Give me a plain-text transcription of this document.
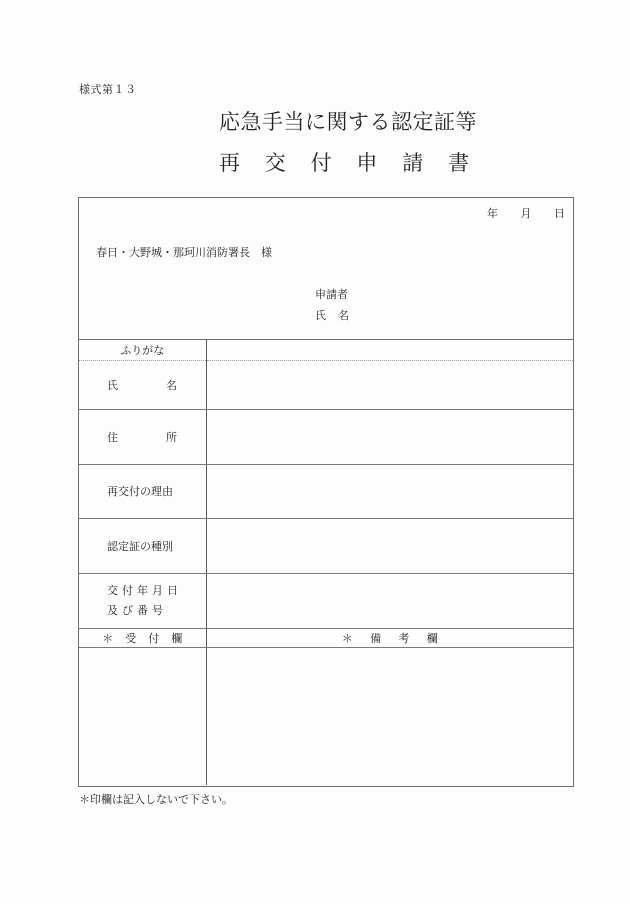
様式第１３
応急手当に関する認定証等
再 交 付 申 請 書
年 月 日
春日・大野城・那珂川消防署長　様
申請者
氏 名
ふりがな	

氏 名	

住 所	

再交付の理由	
認定証の種別	

交付年月日
及び番号	

＊ 受 付 欄	＊ 備 考 欄

＊印欄は記入しないで下さい。
